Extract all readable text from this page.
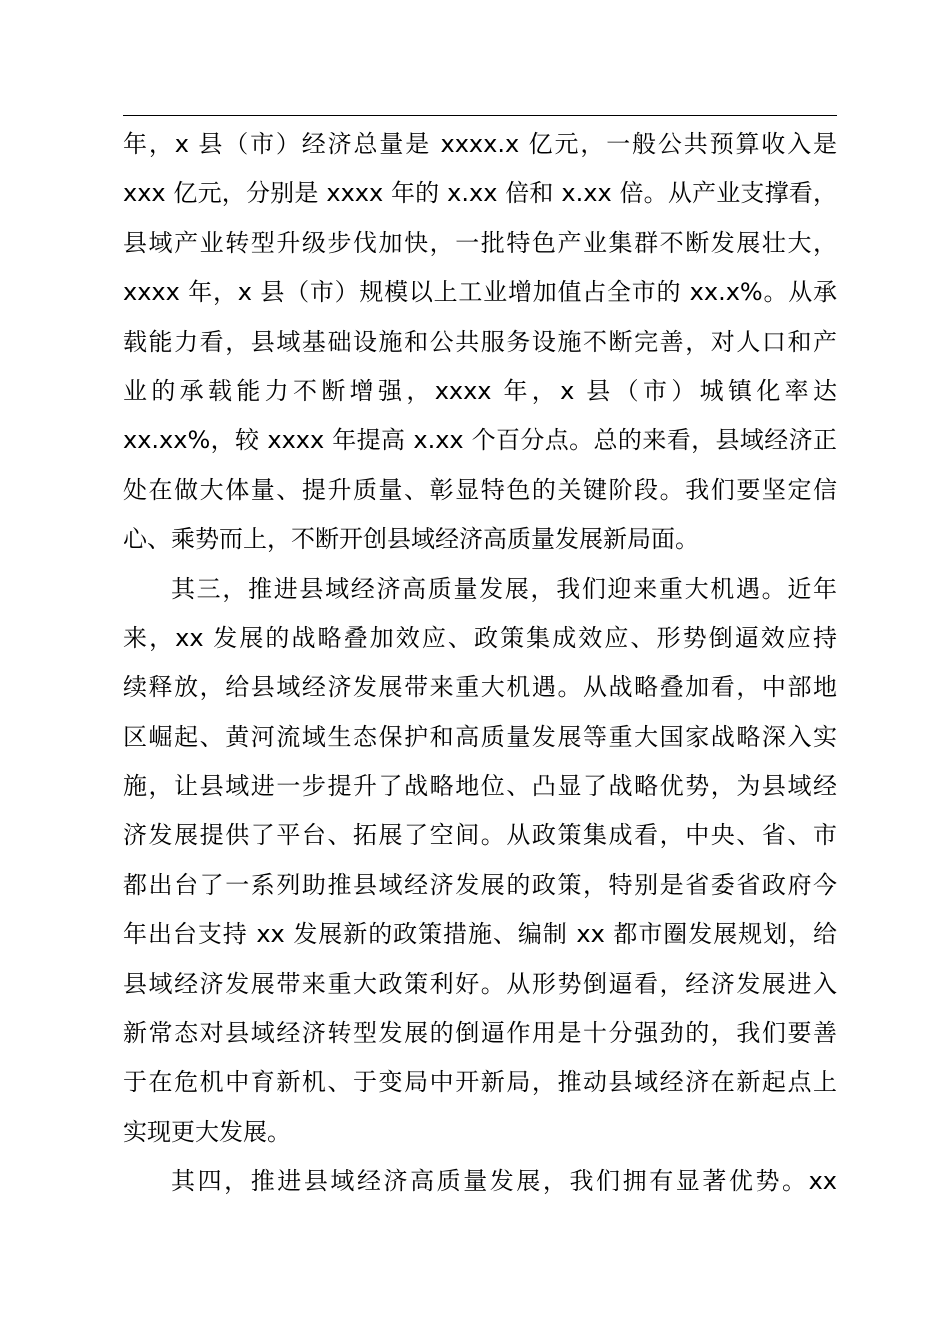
年，x 县（市）经济总量是 xxxx.x 亿元，一般公共预算收入是
xxx 亿元，分别是 xxxx 年的 x.xx 倍和 x.xx 倍。从产业支撑看，
县域产业转型升级步伐加快，一批特色产业集群不断发展壮大，
xxxx 年，x 县（市）规模以上工业增加值占全市的 xx.x%。从承
载能力看，县域基础设施和公共服务设施不断完善，对人口和产
业的承载能力不断增强，xxxx 年，x 县（市）城镇化率达
xx.xx%，较 xxxx 年提高 x.xx 个百分点。总的来看，县域经济正
处在做大体量、提升质量、彰显特色的关键阶段。我们要坚定信
心、乘势而上，不断开创县域经济高质量发展新局面。
其三，推进县域经济高质量发展，我们迎来重大机遇。近年
来，xx 发展的战略叠加效应、政策集成效应、形势倒逼效应持
续释放，给县域经济发展带来重大机遇。从战略叠加看，中部地
区崛起、黄河流域生态保护和高质量发展等重大国家战略深入实
施，让县域进一步提升了战略地位、凸显了战略优势，为县域经
济发展提供了平台、拓展了空间。从政策集成看，中央、省、市
都出台了一系列助推县域经济发展的政策，特别是省委省政府今
年出台支持 xx 发展新的政策措施、编制 xx 都市圈发展规划，给
县域经济发展带来重大政策利好。从形势倒逼看，经济发展进入
新常态对县域经济转型发展的倒逼作用是十分强劲的，我们要善
于在危机中育新机、于变局中开新局，推动县域经济在新起点上
实现更大发展。
其四，推进县域经济高质量发展，我们拥有显著优势。xx
